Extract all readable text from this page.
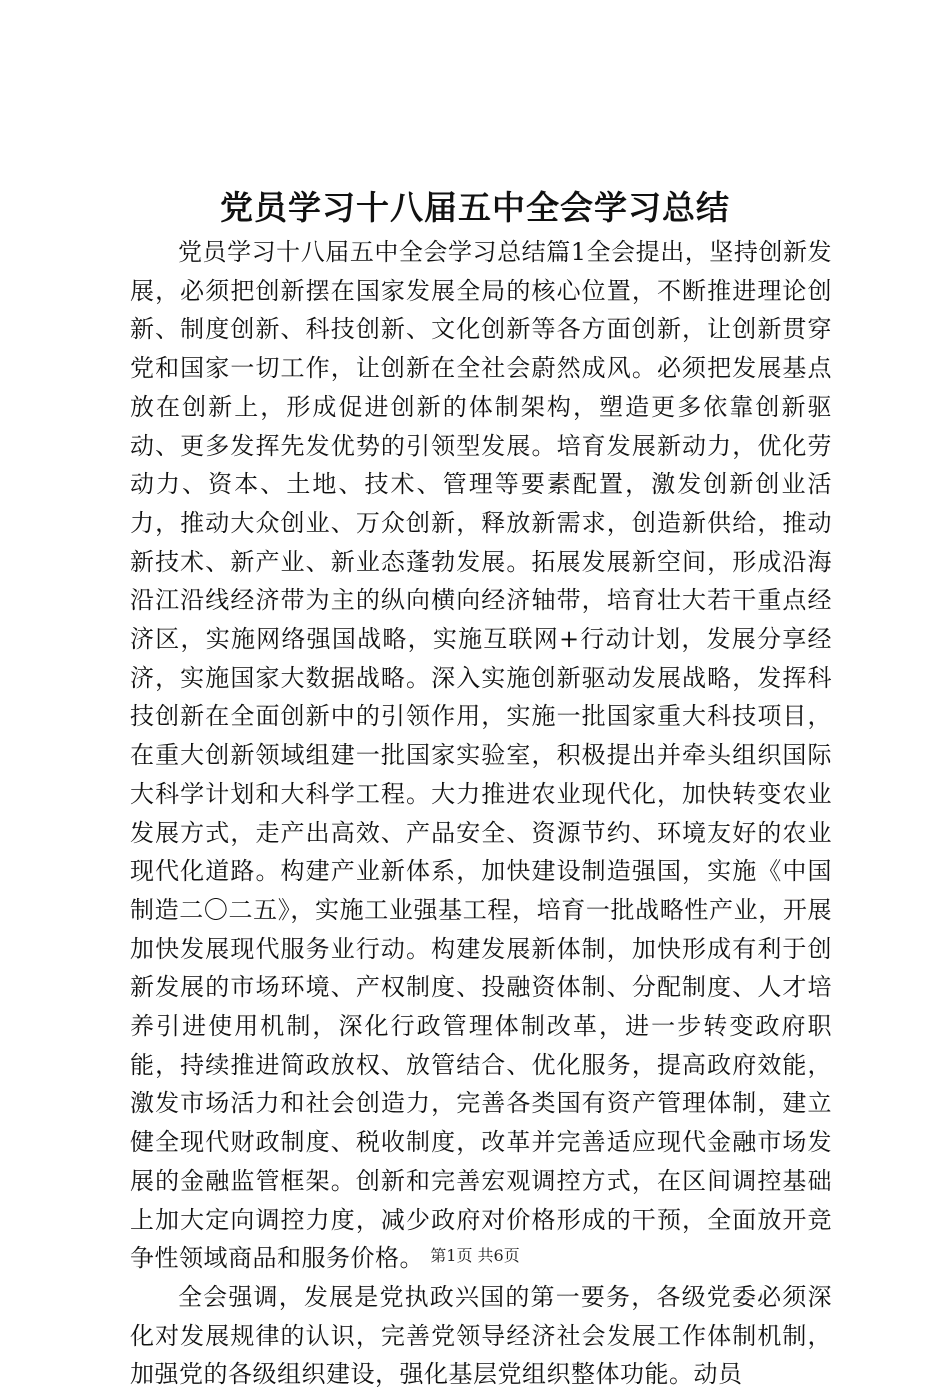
党员学习十八届五中全会学习总结

党员学习十八届五中全会学习总结篇1全会提出，坚持创新发展，必须把创新摆在国家发展全局的核心位置，不断推进理论创新、制度创新、科技创新、文化创新等各方面创新，让创新贯穿党和国家一切工作，让创新在全社会蔚然成风。必须把发展基点放在创新上，形成促进创新的体制架构，塑造更多依靠创新驱动、更多发挥先发优势的引领型发展。培育发展新动力，优化劳动力、资本、土地、技术、管理等要素配置，激发创新创业活力，推动大众创业、万众创新，释放新需求，创造新供给，推动新技术、新产业、新业态蓬勃发展。拓展发展新空间，形成沿海沿江沿线经济带为主的纵向横向经济轴带，培育壮大若干重点经济区，实施网络强国战略，实施互联网+行动计划，发展分享经济，实施国家大数据战略。深入实施创新驱动发展战略，发挥科技创新在全面创新中的引领作用，实施一批国家重大科技项目，在重大创新领域组建一批国家实验室，积极提出并牵头组织国际大科学计划和大科学工程。大力推进农业现代化，加快转变农业发展方式，走产出高效、产品安全、资源节约、环境友好的农业现代化道路。构建产业新体系，加快建设制造强国，实施《中国制造二〇二五》，实施工业强基工程，培育一批战略性产业，开展加快发展现代服务业行动。构建发展新体制，加快形成有利于创新发展的市场环境、产权制度、投融资体制、分配制度、人才培养引进使用机制，深化行政管理体制改革，进一步转变政府职能，持续推进简政放权、放管结合、优化服务，提高政府效能，激发市场活力和社会创造力，完善各类国有资产管理体制，建立健全现代财政制度、税收制度，改革并完善适应现代金融市场发展的金融监管框架。创新和完善宏观调控方式，在区间调控基础上加大定向调控力度，减少政府对价格形成的干预，全面放开竞争性领域商品和服务价格。

全会强调，发展是党执政兴国的第一要务，各级党委必须深化对发展规律的认识，完善党领导经济社会发展工作体制机制，加强党的各级组织建设，强化基层党组织整体功能。动员

第1页 共6页
